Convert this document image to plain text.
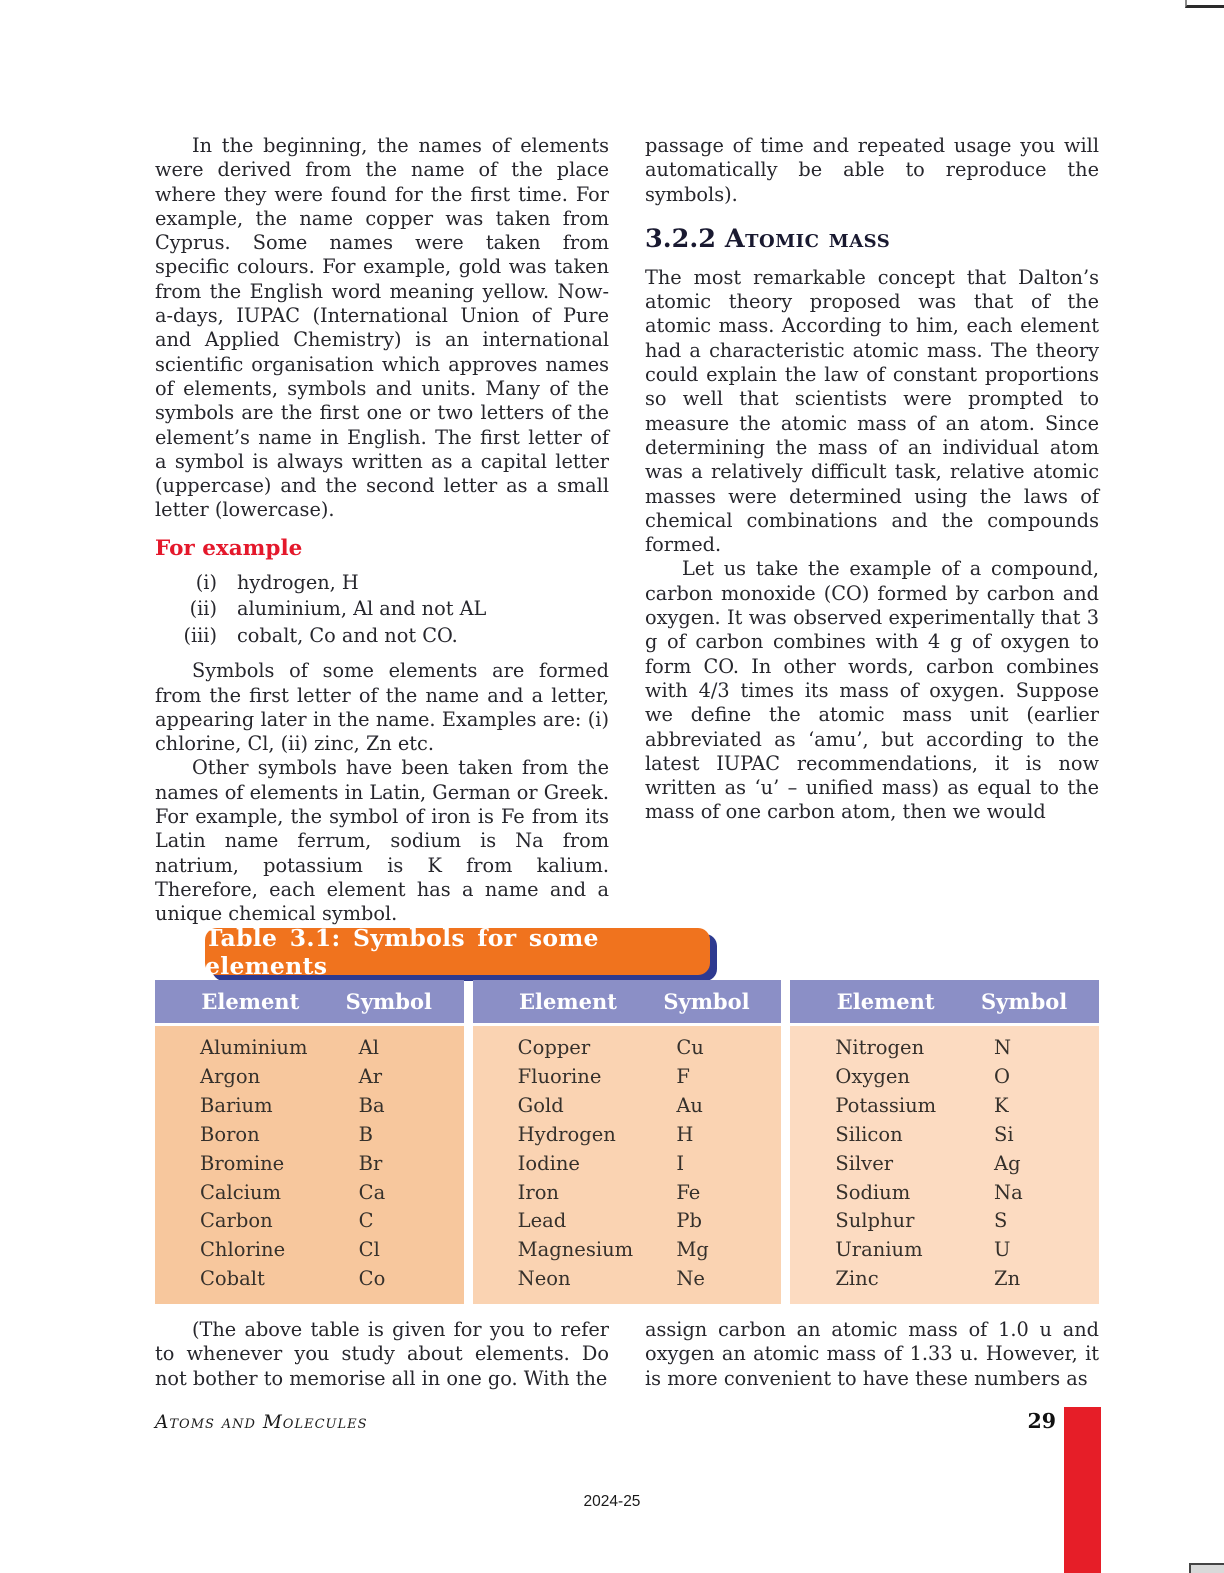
In the beginning, the names of elements were derived from the name of the place where they were found for the first time. For example, the name copper was taken from Cyprus. Some names were taken from specific colours. For example, gold was taken from the English word meaning yellow. Now-a-days, IUPAC (International Union of Pure and Applied Chemistry) is an international scientific organisation which approves names of elements, symbols and units. Many of the symbols are the first one or two letters of the element’s name in English. The first letter of a symbol is always written as a capital letter (uppercase) and the second letter as a small letter (lowercase).

For example
(i) hydrogen, H
(ii) aluminium, Al and not AL
(iii) cobalt, Co and not CO.

Symbols of some elements are formed from the first letter of the name and a letter, appearing later in the name. Examples are: (i) chlorine, Cl, (ii) zinc, Zn etc.

Other symbols have been taken from the names of elements in Latin, German or Greek. For example, the symbol of iron is Fe from its Latin name ferrum, sodium is Na from natrium, potassium is K from kalium. Therefore, each element has a name and a unique chemical symbol.

passage of time and repeated usage you will automatically be able to reproduce the symbols).

3.2.2 Atomic mass

The most remarkable concept that Dalton’s atomic theory proposed was that of the atomic mass. According to him, each element had a characteristic atomic mass. The theory could explain the law of constant proportions so well that scientists were prompted to measure the atomic mass of an atom. Since determining the mass of an individual atom was a relatively difficult task, relative atomic masses were determined using the laws of chemical combinations and the compounds formed.

Let us take the example of a compound, carbon monoxide (CO) formed by carbon and oxygen. It was observed experimentally that 3 g of carbon combines with 4 g of oxygen to form CO. In other words, carbon combines with 4/3 times its mass of oxygen. Suppose we define the atomic mass unit (earlier abbreviated as ‘amu’, but according to the latest IUPAC recommendations, it is now written as ‘u’ – unified mass) as equal to the mass of one carbon atom, then we would

Table 3.1: Symbols for some elements
Element	Symbol
Aluminium	Al
Argon	Ar
Barium	Ba
Boron	B
Bromine	Br
Calcium	Ca
Carbon	C
Chlorine	Cl
Cobalt	Co
Element	Symbol
Copper	Cu
Fluorine	F
Gold	Au
Hydrogen	H
Iodine	I
Iron	Fe
Lead	Pb
Magnesium	Mg
Neon	Ne
Element	Symbol
Nitrogen	N
Oxygen	O
Potassium	K
Silicon	Si
Silver	Ag
Sodium	Na
Sulphur	S
Uranium	U
Zinc	Zn

(The above table is given for you to refer to whenever you study about elements. Do not bother to memorise all in one go. With the

assign carbon an atomic mass of 1.0 u and oxygen an atomic mass of 1.33 u. However, it is more convenient to have these numbers as

Atoms and Molecules	29
2024-25
